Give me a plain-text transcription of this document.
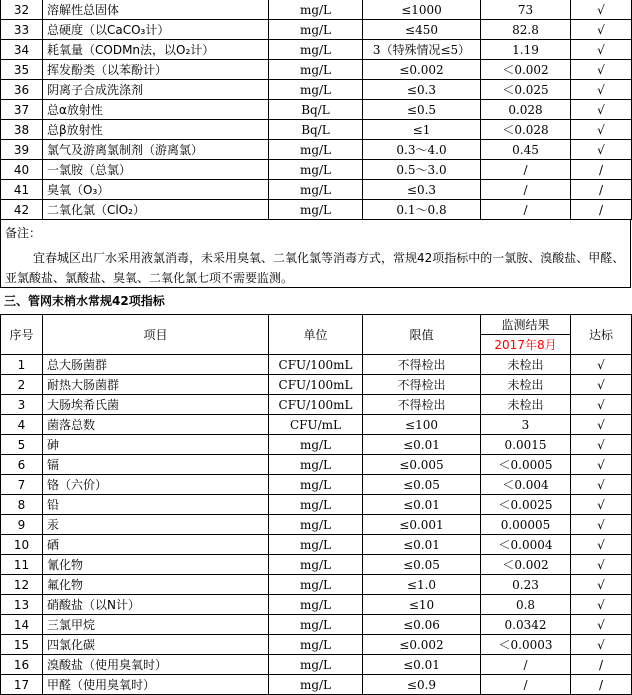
32	溶解性总固体	mg/L	≤1000	73	√
33	总硬度（以CaCO₃计）	mg/L	≤450	82.8	√
34	耗氧量（CODMn法，以O₂计）	mg/L	3（特殊情况≤5）	1.19	√
35	挥发酚类（以苯酚计）	mg/L	≤0.002	＜0.002	√
36	阴离子合成洗涤剂	mg/L	≤0.3	＜0.025	√
37	总α放射性	Bq/L	≤0.5	0.028	√
38	总β放射性	Bq/L	≤1	＜0.028	√
39	氯气及游离氯制剂（游离氯）	mg/L	0.3～4.0	0.45	√
40	一氯胺（总氯）	mg/L	0.5～3.0	/	/
41	臭氧（O₃）	mg/L	≤0.3	/	/
42	二氧化氯（ClO₂）	mg/L	0.1～0.8	/	/
备注：
宜春城区出厂水采用液氯消毒，未采用臭氧、二氧化氯等消毒方式，常规42项指标中的一氯胺、溴酸盐、甲醛、亚氯酸盐、氯酸盐、臭氧、二氧化氯七项不需要监测。
三、管网末梢水常规42项指标
序号	项目	单位	限值	监测结果	达标
				2017年8月	
1	总大肠菌群	CFU/100mL	不得检出	未检出	√
2	耐热大肠菌群	CFU/100mL	不得检出	未检出	√
3	大肠埃希氏菌	CFU/100mL	不得检出	未检出	√
4	菌落总数	CFU/mL	≤100	3	√
5	砷	mg/L	≤0.01	0.0015	√
6	镉	mg/L	≤0.005	＜0.0005	√
7	铬（六价）	mg/L	≤0.05	＜0.004	√
8	铅	mg/L	≤0.01	＜0.0025	√
9	汞	mg/L	≤0.001	0.00005	√
10	硒	mg/L	≤0.01	＜0.0004	√
11	氰化物	mg/L	≤0.05	＜0.002	√
12	氟化物	mg/L	≤1.0	0.23	√
13	硝酸盐（以N计）	mg/L	≤10	0.8	√
14	三氯甲烷	mg/L	≤0.06	0.0342	√
15	四氯化碳	mg/L	≤0.002	＜0.0003	√
16	溴酸盐（使用臭氧时）	mg/L	≤0.01	/	/
17	甲醛（使用臭氧时）	mg/L	≤0.9	/	/
